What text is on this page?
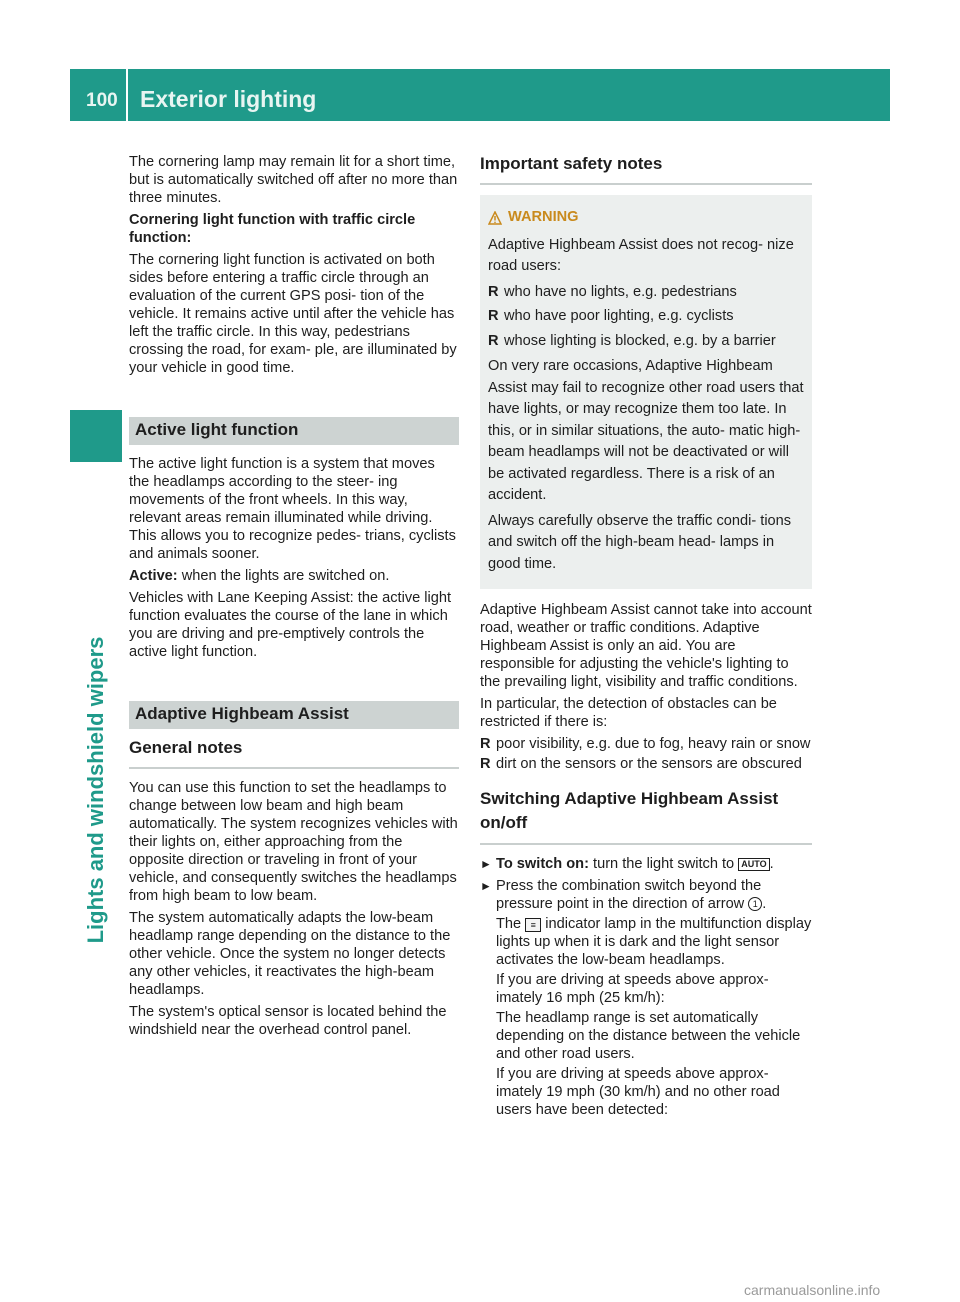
100 Exterior lighting
Lights and windshield wipers

The cornering lamp may remain lit for a short time, but is automatically switched off after no more than three minutes.

Cornering light function with traffic circle function:

The cornering light function is activated on both sides before entering a traffic circle through an evaluation of the current GPS posi- tion of the vehicle. It remains active until after the vehicle has left the traffic circle. In this way, pedestrians crossing the road, for exam- ple, are illuminated by your vehicle in good time.

Active light function

The active light function is a system that moves the headlamps according to the steer- ing movements of the front wheels. In this way, relevant areas remain illuminated while driving. This allows you to recognize pedes- trians, cyclists and animals sooner.

Active: when the lights are switched on.

Vehicles with Lane Keeping Assist: the active light function evaluates the course of the lane in which you are driving and pre-emptively controls the active light function.

Adaptive Highbeam Assist
General notes

You can use this function to set the headlamps to change between low beam and high beam automatically. The system recognizes vehicles with their lights on, either approaching from the opposite direction or traveling in front of your vehicle, and consequently switches the headlamps from high beam to low beam.

The system automatically adapts the low-beam headlamp range depending on the distance to the other vehicle. Once the system no longer detects any other vehicles, it reactivates the high-beam headlamps.

The system's optical sensor is located behind the windshield near the overhead control panel.

Important safety notes
WARNING

Adaptive Highbeam Assist does not recog- nize road users:

R who have no lights, e.g. pedestrians
R who have poor lighting, e.g. cyclists
R whose lighting is blocked, e.g. by a barrier

On very rare occasions, Adaptive Highbeam Assist may fail to recognize other road users that have lights, or may recognize them too late. In this, or in similar situations, the auto- matic high-beam headlamps will not be deactivated or will be activated regardless. There is a risk of an accident.

Always carefully observe the traffic condi- tions and switch off the high-beam head- lamps in good time.

Adaptive Highbeam Assist cannot take into account road, weather or traffic conditions. Adaptive Highbeam Assist is only an aid. You are responsible for adjusting the vehicle's lighting to the prevailing light, visibility and traffic conditions.

In particular, the detection of obstacles can be restricted if there is:

R poor visibility, e.g. due to fog, heavy rain or snow
R dirt on the sensors or the sensors are obscured
Switching Adaptive Highbeam Assist on/off
► To switch on: turn the light switch to AUTO .

► Press the combination switch beyond the pressure point in the direction of arrow 1 .

The ≡ indicator lamp in the multifunction display lights up when it is dark and the light sensor activates the low-beam headlamps.

If you are driving at speeds above approx- imately 16 mph (25 km/h):

The headlamp range is set automatically depending on the distance between the vehicle and other road users.

If you are driving at speeds above approx- imately 19 mph (30 km/h) and no other road users have been detected:

carmanualsonline.info
